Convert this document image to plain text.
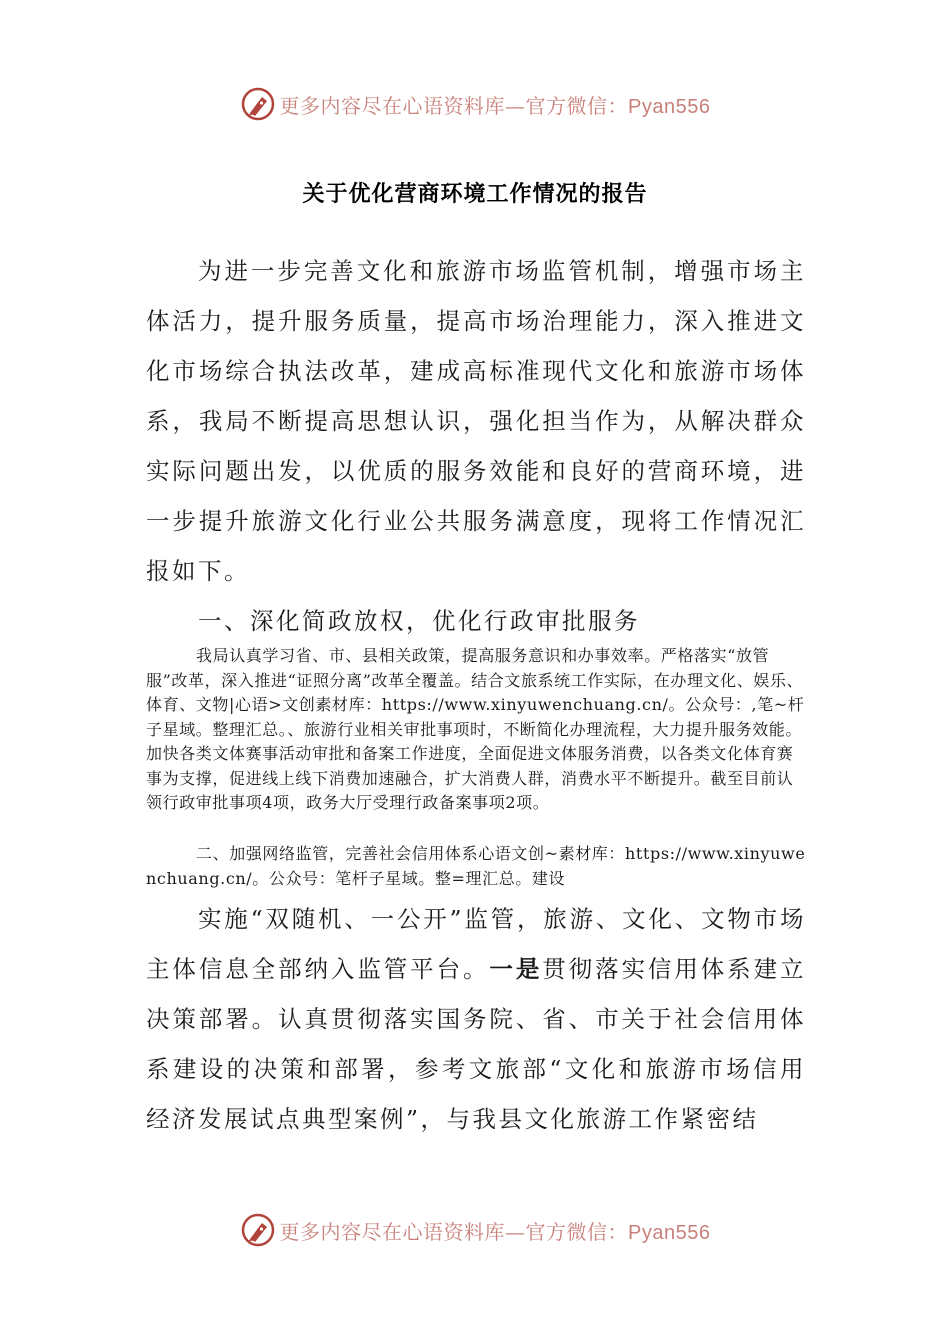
更多内容尽在心语资料库—官方微信：Pyan556
关于优化营商环境工作情况的报告

为进一步完善文化和旅游市场监管机制，增强市场主体活力，提升服务质量，提高市场治理能力，深入推进文化市场综合执法改革，建成高标准现代文化和旅游市场体系，我局不断提高思想认识，强化担当作为，从解决群众实际问题出发，以优质的服务效能和良好的营商环境，进一步提升旅游文化行业公共服务满意度，现将工作情况汇报如下。

一、深化简政放权，优化行政审批服务

我局认真学习省、市、县相关政策，提高服务意识和办事效率。严格落实“放管服”改革，深入推进“证照分离”改革全覆盖。结合文旅系统工作实际，在办理文化、娱乐、体育、文物|心语>文创素材库：https://www.xinyuwenchuang.cn/。公众号：,笔~杆子星域。整理汇总。、旅游行业相关审批事项时，不断简化办理流程，大力提升服务效能。加快各类文体赛事活动审批和备案工作进度，全面促进文体服务消费，以各类文化体育赛事为支撑，促进线上线下消费加速融合，扩大消费人群，消费水平不断提升。截至目前认领行政审批事项4项，政务大厅受理行政备案事项2项。

二、加强网络监管，完善社会信用体系心语文创~素材库：https://www.xinyuwenchuang.cn/。公众号：笔杆子星域。整=理汇总。建设

实施“双随机、一公开”监管，旅游、文化、文物市场主体信息全部纳入监管平台。一是贯彻落实信用体系建立决策部署。认真贯彻落实国务院、省、市关于社会信用体系建设的决策和部署，参考文旅部“文化和旅游市场信用经济发展试点典型案例”，与我县文化旅游工作紧密结

更多内容尽在心语资料库—官方微信：Pyan556
